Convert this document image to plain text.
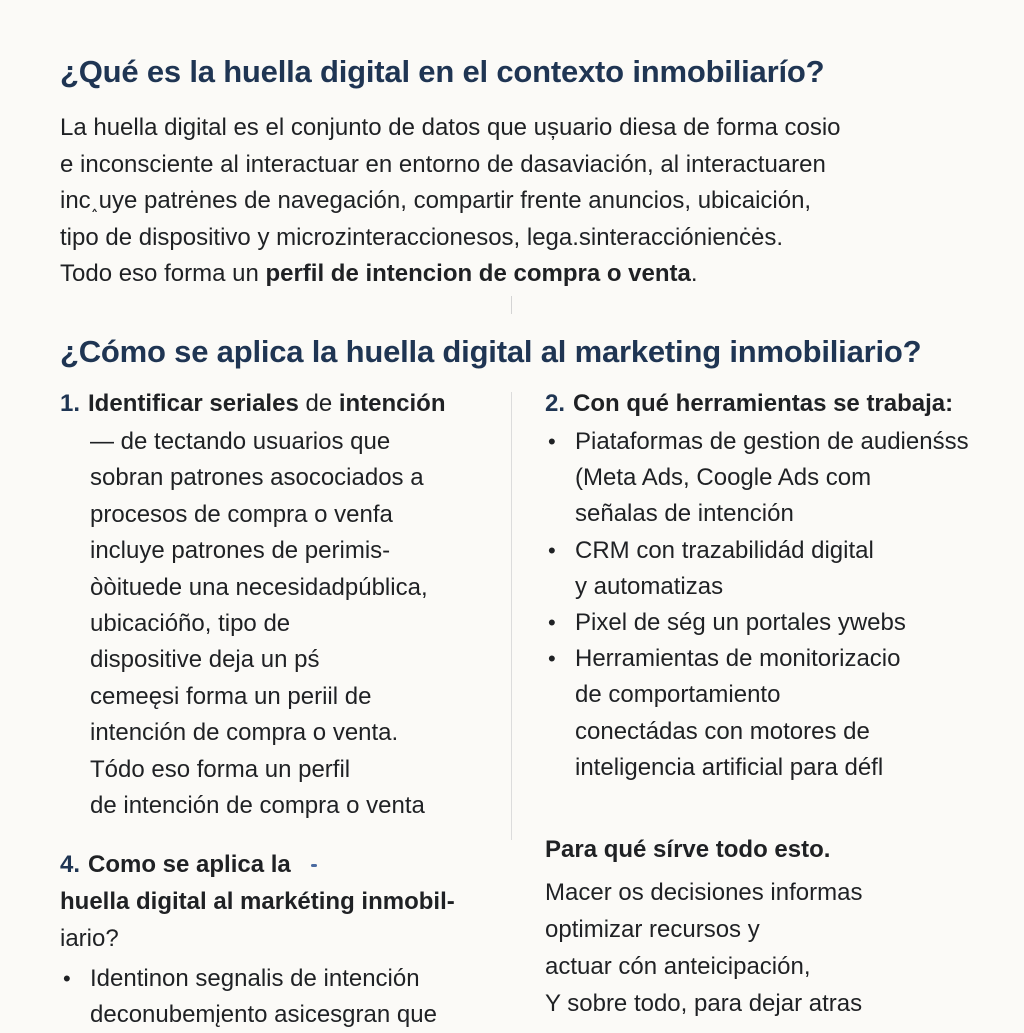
¿Qué es la huella digital en el contexto inmobiliarío?
La huella digital es el conjunto de datos que ușuario diesa de forma cosio
e inconsciente al interactuar en entorno de dasaviación, al interactuaren
inc˰uye patrėnes de navegación, compartir frente anuncios, ubicaición,
tipo de dispositivo y microzinteraccionesos, lega.sinteracciónienċės.
Todo eso forma un perfil de intencion de compra o venta.
¿Cómo se aplica la huella digital al marketing inmobiliario?
1. Identificar seriales de intención
— de tectando usuarios que
sobran patrones asocociados a
procesos de compra o venfa
incluye patrones de perimis-
òòituede una necesidadpública,
ubicacióño, tipo de
dispositive deja un pś
cemeęsi forma un periil de
intención de compra o venta.
Tódo eso forma un perfil
de intención de compra o venta
2. Con qué herramientas se trabaja:
• Piataformas de gestion de audienśss
(Meta Ads, Coogle Ads com
señalas de intención
• CRM con trazabilidád digital
y automatizas
• Pixel de ség un portales ywebs
• Herramientas de monitorizacio
de comportamiento
conectádas con motores de
inteligencia artificial para défl
4. Como se aplica la
huella digital al markéting inmobil-
iario?
• Identinon segnalis de intención
deconubemįento asicesgran que
Para qué sírve todo esto.
Macer os decisiones informas
optimizar recursos y
actuar cón anteicipación,
Y sobre todo, para dejar atras
